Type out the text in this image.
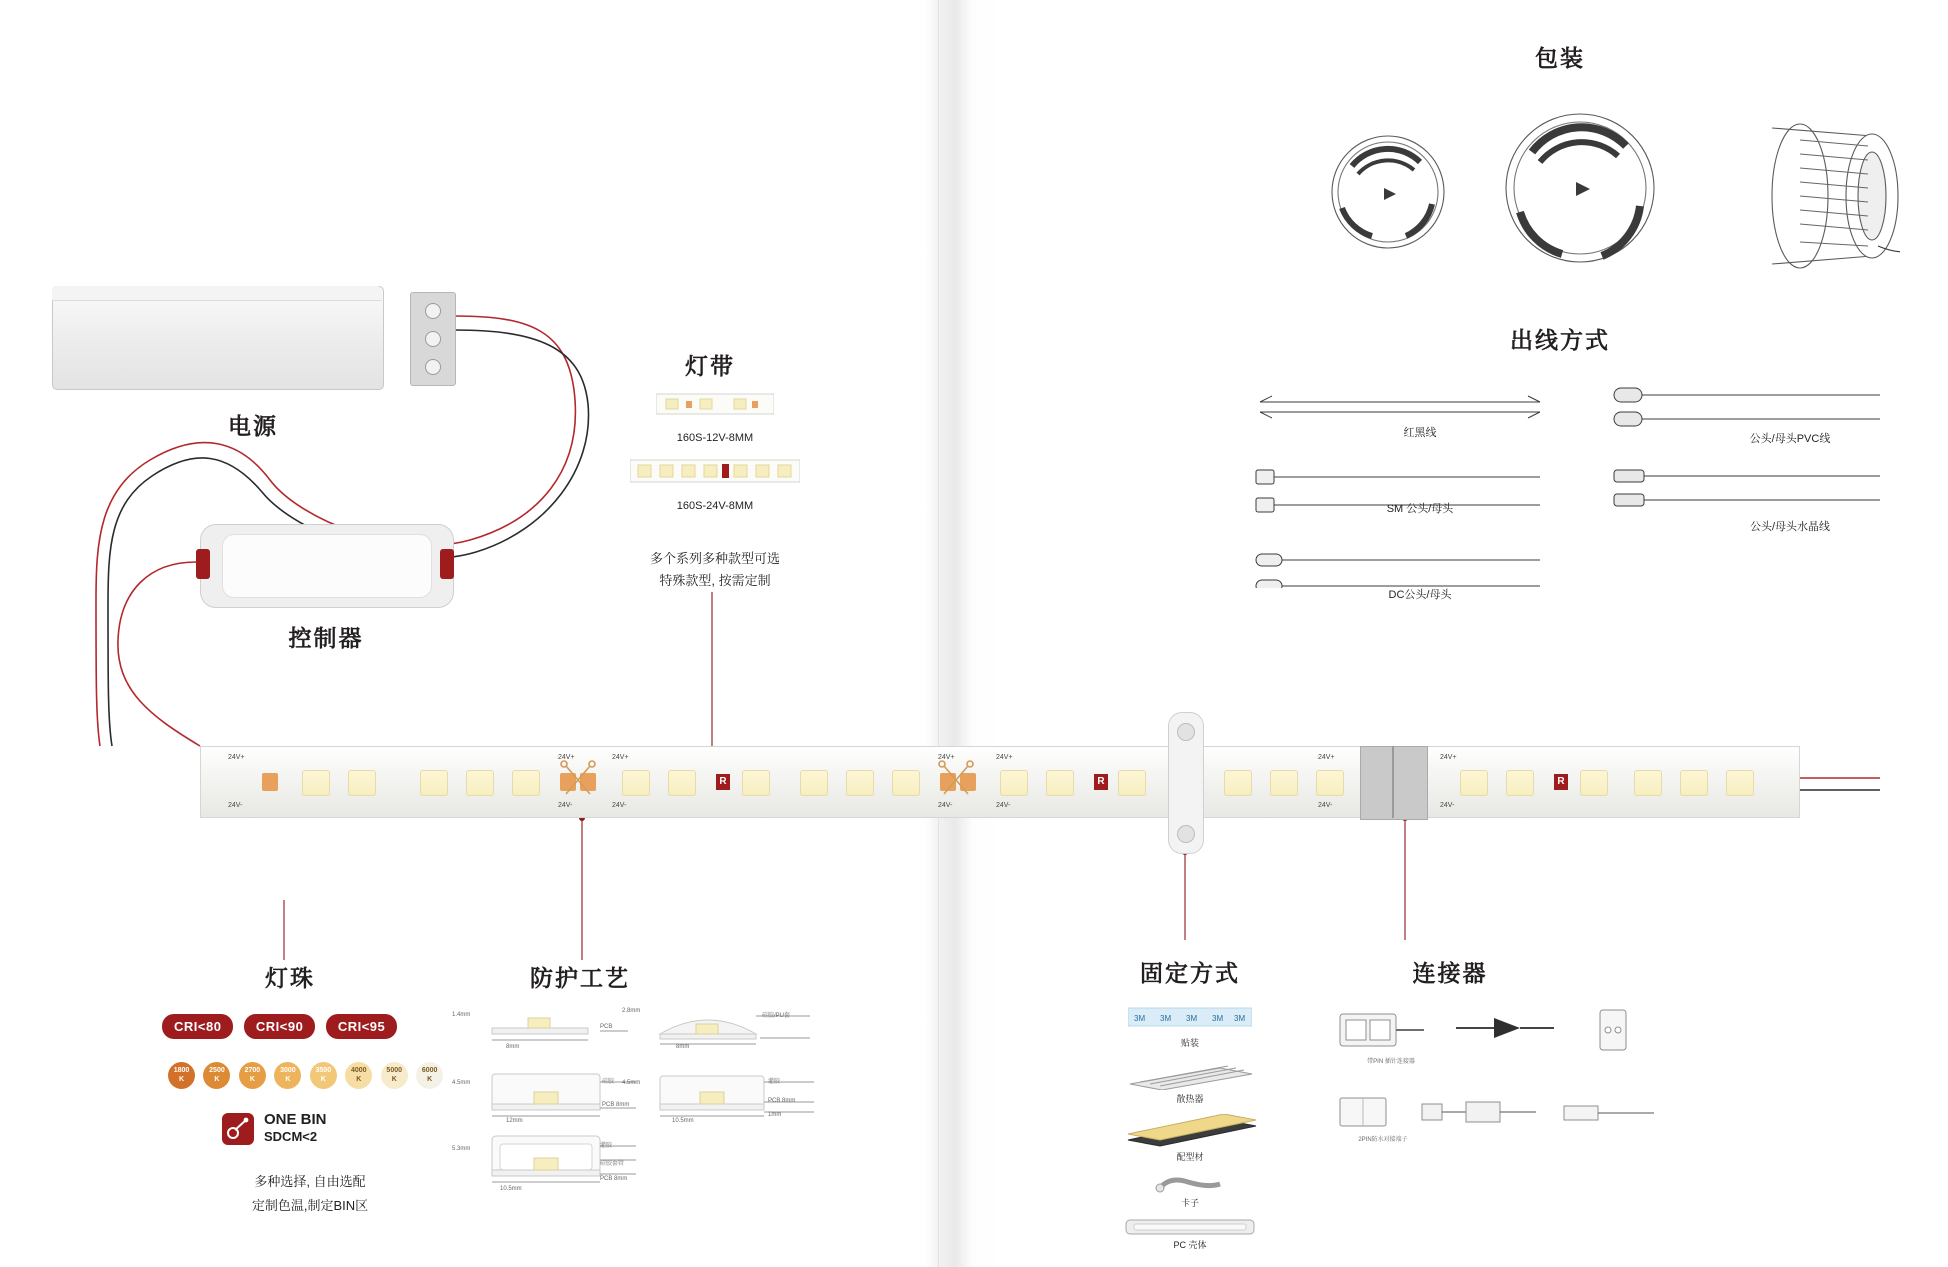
包装
出线方式
红黑线
SM 公头/母头
DC公头/母头
公头/母头PVC线
公头/母头水晶线
电源
控制器
灯带
160S-12V-8MM
160S-24V-8MM
多个系列多种款型可选
特殊款型, 按需定制
R	R	R
24V+
24V-
24V+
24V-
24V+
24V-
24V+
24V-
24V+
24V-
24V+
24V-
24V+
24V-
灯珠
CRI<80	CRI<90	CRI<95
1800
K 2500
K 2700
K 3000
K 3500
K 4000
K 5000
K 6000
K
ONE BIN
SDCM<2
多种选择, 自由选配
定制色温,制定BIN区
防护工艺
1.4mm
8mm
PCB
2.8mm
8mm
硅胶/PU套
4.5mm
12mm
硅胶
PCB 8mm
4.5mm
10.5mm
灌胶
PCB 8mm
1mm
5.3mm
10.5mm
灌胶
硅胶套管
PCB 8mm
固定方式
3M 3M 3M 3M 3M
贴装
散热器
配型材
卡子
PC 壳体
连接器
带PIN 插针连接器
2PIN防水对接端子
